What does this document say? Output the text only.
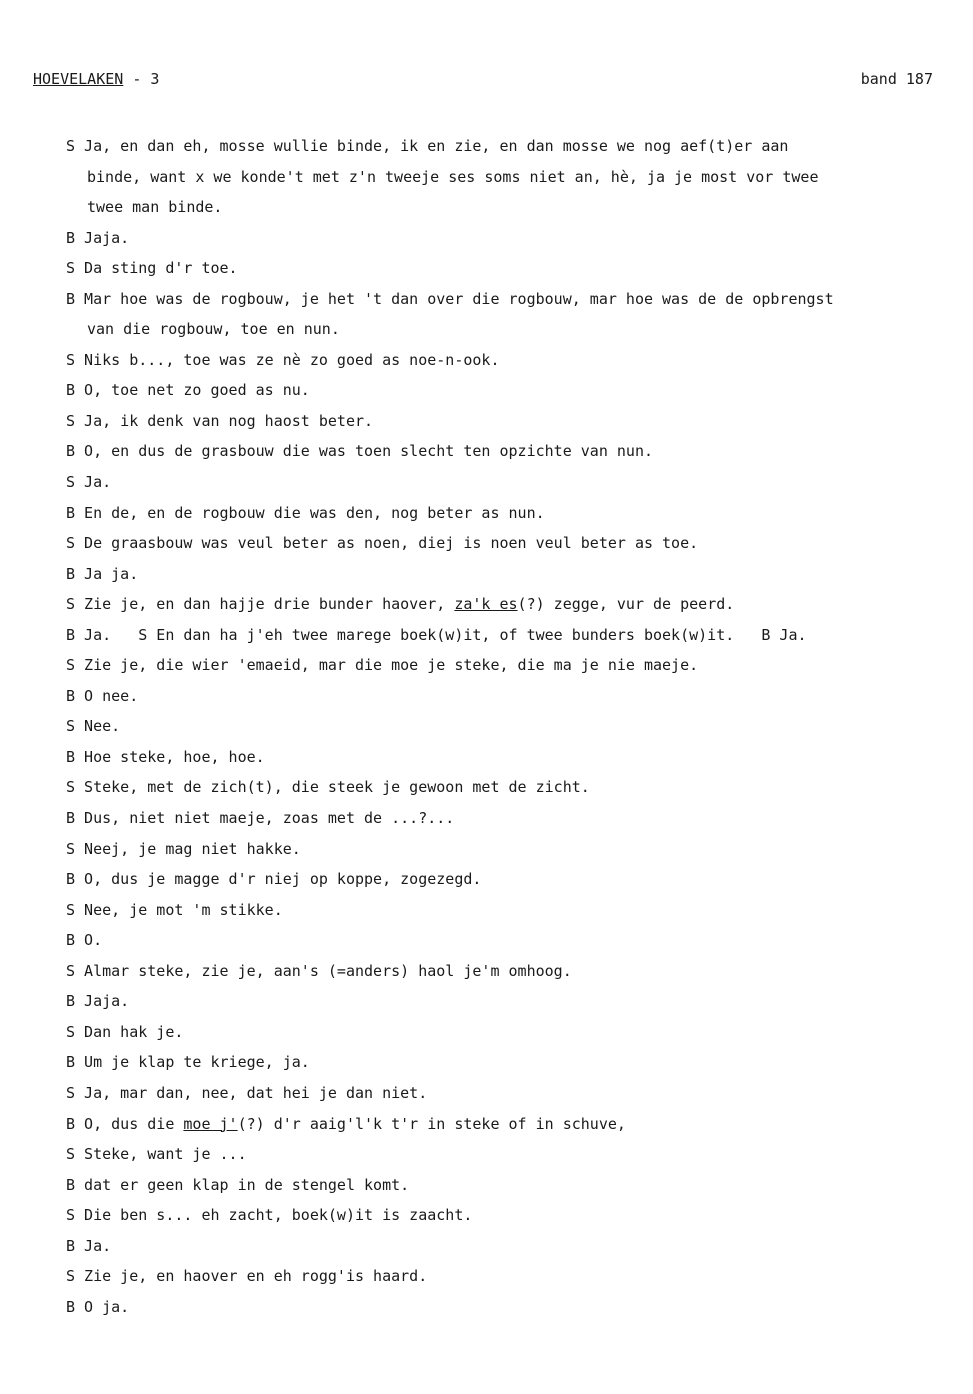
HOEVELAKEN - 3	band 187
S Ja, en dan eh, mosse wullie binde, ik en zie, en dan mosse we nog aef(t)er aan
binde, want x we konde't met z'n tweeje ses soms niet an, hè, ja je most vor twee
twee man binde.
B Jaja.
S Da sting d'r toe.
B Mar hoe was de rogbouw, je het 't dan over die rogbouw, mar hoe was de de opbrengst
van die rogbouw, toe en nun.
S Niks b..., toe was ze nè zo goed as noe-n-ook.
B O, toe net zo goed as nu.
S Ja, ik denk van nog haost beter.
B O, en dus de grasbouw die was toen slecht ten opzichte van nun.
S Ja.
B En de, en de rogbouw die was den, nog beter as nun.
S De graasbouw was veul beter as noen, diej is noen veul beter as toe.
B Ja ja.
S Zie je, en dan hajje drie bunder haover, za'k es(?) zegge, vur de peerd.
B Ja.   S En dan ha j'eh twee marege boek(w)it, of twee bunders boek(w)it.   B Ja.
S Zie je, die wier 'emaeid, mar die moe je steke, die ma je nie maeje.
B O nee.
S Nee.
B Hoe steke, hoe, hoe.
S Steke, met de zich(t), die steek je gewoon met de zicht.
B Dus, niet niet maeje, zoas met de ...?...
S Neej, je mag niet hakke.
B O, dus je magge d'r niej op koppe, zogezegd.
S Nee, je mot 'm stikke.
B O.
S Almar steke, zie je, aan's (=anders) haol je'm omhoog.
B Jaja.
S Dan hak je.
B Um je klap te kriege, ja.
S Ja, mar dan, nee, dat hei je dan niet.
B O, dus die moe j'(?) d'r aaig'l'k t'r in steke of in schuve,
S Steke, want je ...
B dat er geen klap in de stengel komt.
S Die ben s... eh zacht, boek(w)it is zaacht.
B Ja.
S Zie je, en haover en eh rogg'is haard.
B O ja.
